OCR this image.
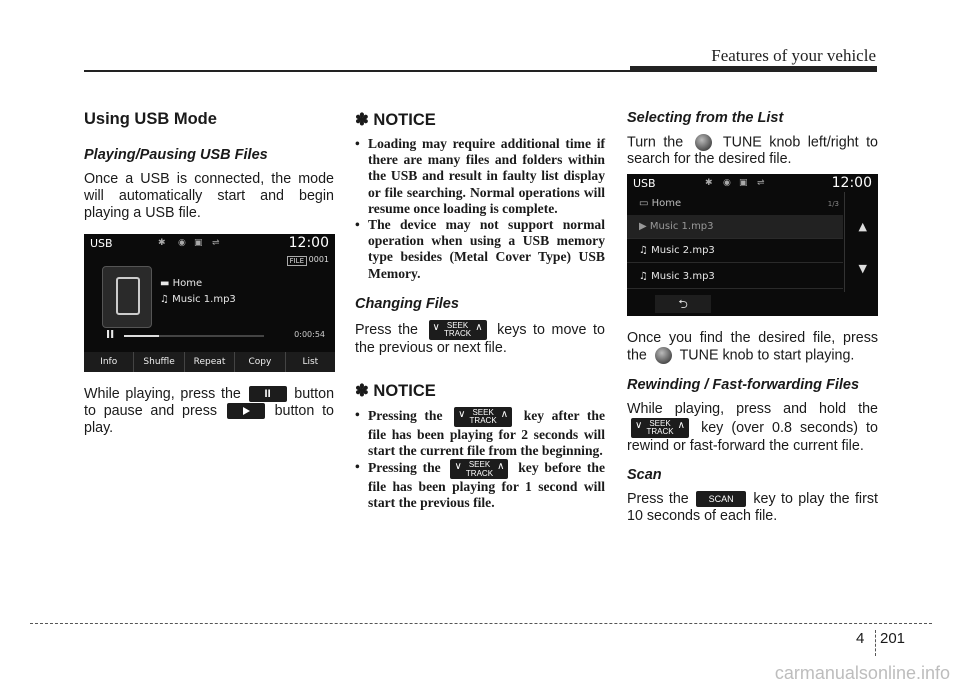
Features of your vehicle
Using USB Mode
Playing/Pausing USB Files

Once a USB is connected, the mode will automatically start and begin playing a USB file.

USB	✱ ◉ ▣ ⇌	12:00
FILE 0001
▬ Home
♫ Music 1.mp3
II	0:00:54
Info	Shuffle	Repeat	Copy	List

While playing, press the II button to pause and press	button to play.

✽ NOTICE
• Loading may require additional time if there are many files and folders within the USB and result in faulty list display or file searching. Normal operations will resume once loading is complete.
• The device may not support normal operation when using a USB memory type besides (Metal Cover Type) USB Memory.
Changing Files

Press the ∨ SEEK
TRACK
∧ keys to move to the previous or next file.

✽ NOTICE
• Pressing the ∨ SEEK
TRACK
∧ key after the file has been playing for 2 seconds will start the current file from the beginning.
• Pressing the ∨ SEEK
TRACK
∧ key before the file has been playing for 1 second will start the previous file.
Selecting from the List

Turn the	TUNE knob left/right to search for the desired file.

USB	✱ ◉ ▣ ⇌	12:00
▭ Home	1/3
▶ Music 1.mp3
♫ Music 2.mp3
♫ Music 3.mp3
▲
▼
⮌

Once you find the desired file, press the TUNE knob to start playing.

Rewinding / Fast-forwarding Files

While playing, press and hold the
∨ SEEK
TRACK
∧ key (over 0.8 seconds) to rewind or fast-forward the current file.

Scan

Press the SCAN key to play the first 10 seconds of each file.

4 201
carmanualsonline.info
